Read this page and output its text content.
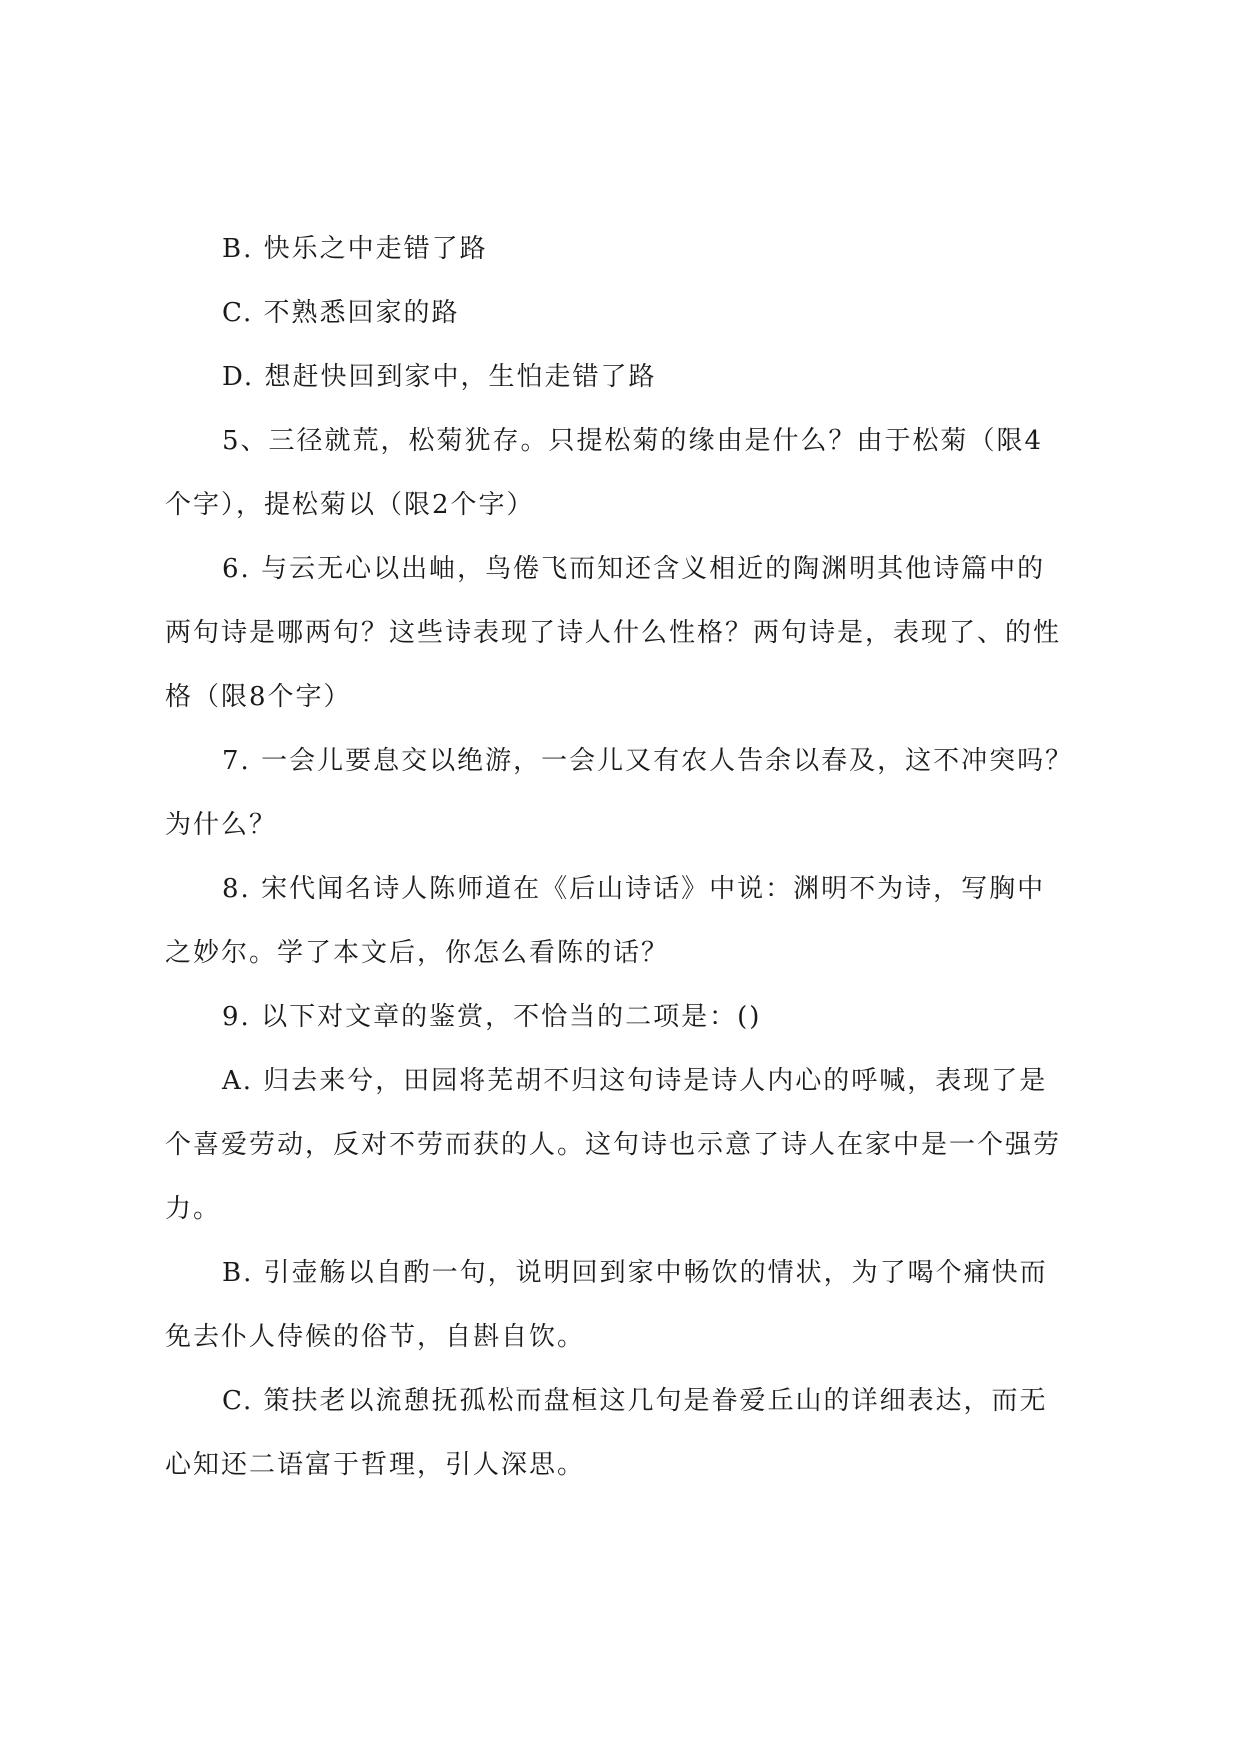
B. 快乐之中走错了路
C. 不熟悉回家的路
D. 想赶快回到家中，生怕走错了路
5、三径就荒，松菊犹存。只提松菊的缘由是什么？由于松菊（限4
个字），提松菊以（限2个字）
6. 与云无心以出岫，鸟倦飞而知还含义相近的陶渊明其他诗篇中的
两句诗是哪两句？这些诗表现了诗人什么性格？两句诗是，表现了、的性
格（限8个字）
7. 一会儿要息交以绝游，一会儿又有农人告余以春及，这不冲突吗？
为什么？
8. 宋代闻名诗人陈师道在《后山诗话》中说：渊明不为诗，写胸中
之妙尔。学了本文后，你怎么看陈的话？
9. 以下对文章的鉴赏，不恰当的二项是：()
A. 归去来兮，田园将芜胡不归这句诗是诗人内心的呼喊，表现了是
个喜爱劳动，反对不劳而获的人。这句诗也示意了诗人在家中是一个强劳
力。
B. 引壶觞以自酌一句，说明回到家中畅饮的情状，为了喝个痛快而
免去仆人侍候的俗节，自斟自饮。
C. 策扶老以流憩抚孤松而盘桓这几句是眷爱丘山的详细表达，而无
心知还二语富于哲理，引人深思。
